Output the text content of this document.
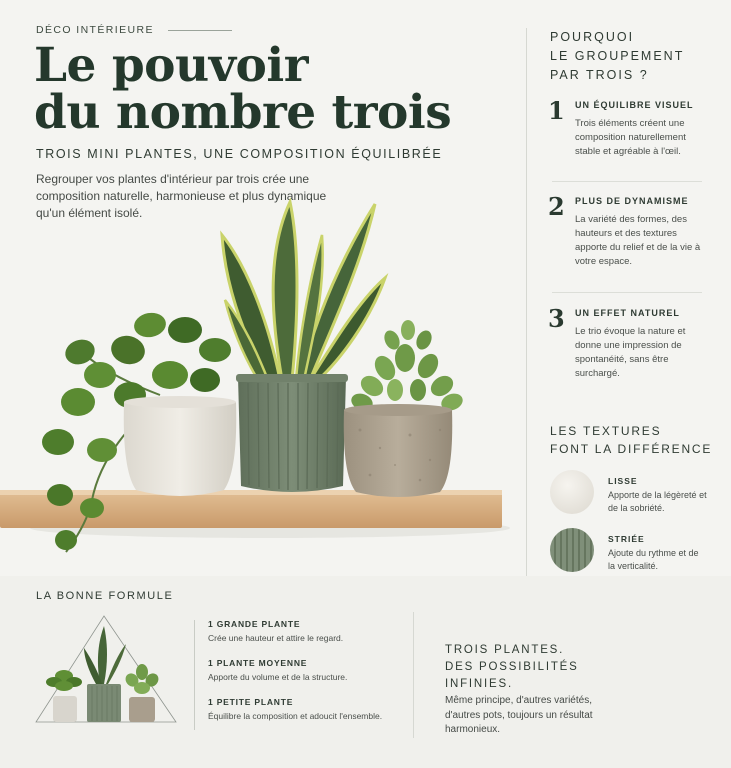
DÉCO INTÉRIEURE
Le pouvoir
du nombre trois
TROIS MINI PLANTES, UNE COMPOSITION ÉQUILIBRÉE
Regrouper vos plantes d'intérieur par trois crée une composition naturelle, harmonieuse et plus dynamique qu'un élément isolé.
POURQUOI
LE GROUPEMENT
PAR TROIS ?
1 UN ÉQUILIBRE VISUEL
Trois éléments créent une composition naturellement stable et agréable à l'œil.
2 PLUS DE DYNAMISME
La variété des formes, des hauteurs et des textures apporte du relief et de la vie à votre espace.
3 UN EFFET NATUREL
Le trio évoque la nature et donne une impression de spontanéité, sans être surchargé.
LES TEXTURES
FONT LA DIFFÉRENCE
LISSE
Apporte de la légèreté et de la sobriété.
STRIÉE
Ajoute du rythme et de la verticalité.
LA BONNE FORMULE
1 GRANDE PLANTE
Crée une hauteur et attire le regard.
1 PLANTE MOYENNE
Apporte du volume et de la structure.
1 PETITE PLANTE
Équilibre la composition et adoucit l'ensemble.
TROIS PLANTES.
DES POSSIBILITÉS
INFINIES.
Même principe, d'autres variétés, d'autres pots, toujours un résultat harmonieux.
